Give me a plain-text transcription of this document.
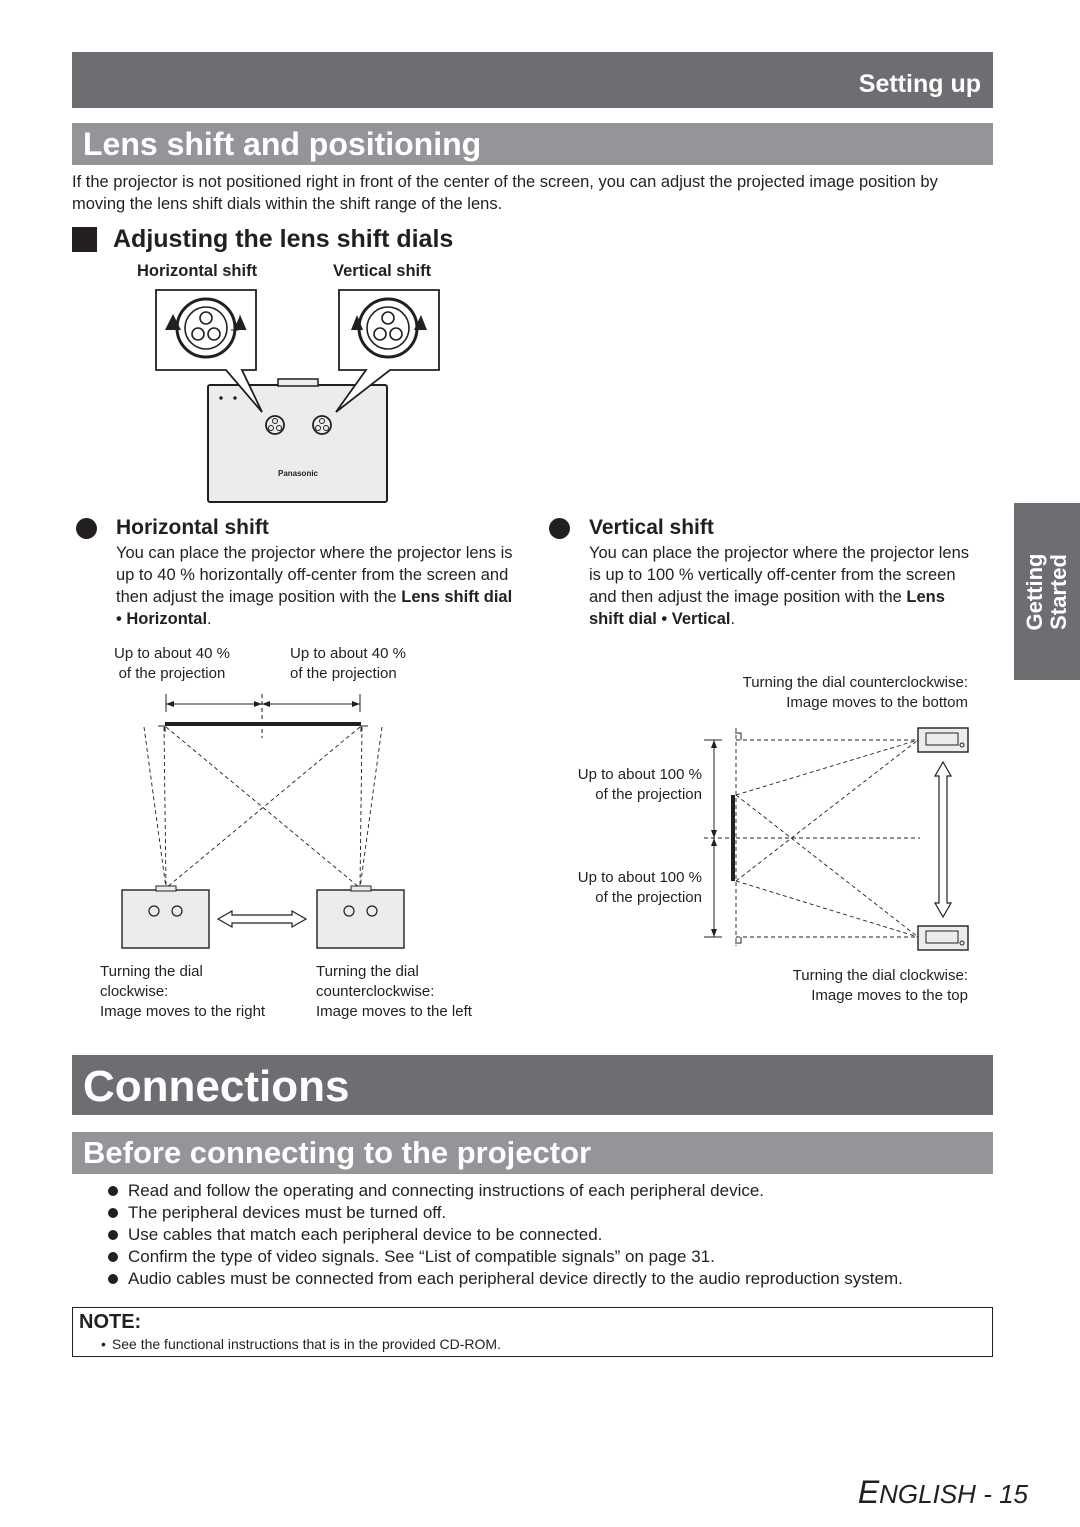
Setting up
Lens shift and positioning

If the projector is not positioned right in front of the center of the screen, you can adjust the projected image position by moving the lens shift dials within the shift range of the lens.

Adjusting the lens shift dials
Horizontal shift	Vertical shift
Panasonic
Horizontal shift

You can place the projector where the projector lens is up to 40 % horizontally off-center from the screen and then adjust the image position with the Lens shift dial • Horizontal.

Up to about 40 %
of the projection
Up to about 40 %
of the projection
Turning the dial
clockwise:
Image moves to the right
Turning the dial
counterclockwise:
Image moves to the left
Vertical shift

You can place the projector where the projector lens is up to 100 % vertically off-center from the screen and then adjust the image position with the Lens shift dial • Vertical.

Turning the dial counterclockwise:
Image moves to the bottom
Up to about 100 %
of the projection
Up to about 100 %
of the projection
Turning the dial clockwise:
Image moves to the top
Getting Started
Connections
Before connecting to the projector
Read and follow the operating and connecting instructions of each peripheral device.
The peripheral devices must be turned off.
Use cables that match each peripheral device to be connected.
Confirm the type of video signals. See “List of compatible signals” on page 31.
Audio cables must be connected from each peripheral device directly to the audio reproduction system.
NOTE:
• See the functional instructions that is in the provided CD-ROM.
ENGLISH - 15
